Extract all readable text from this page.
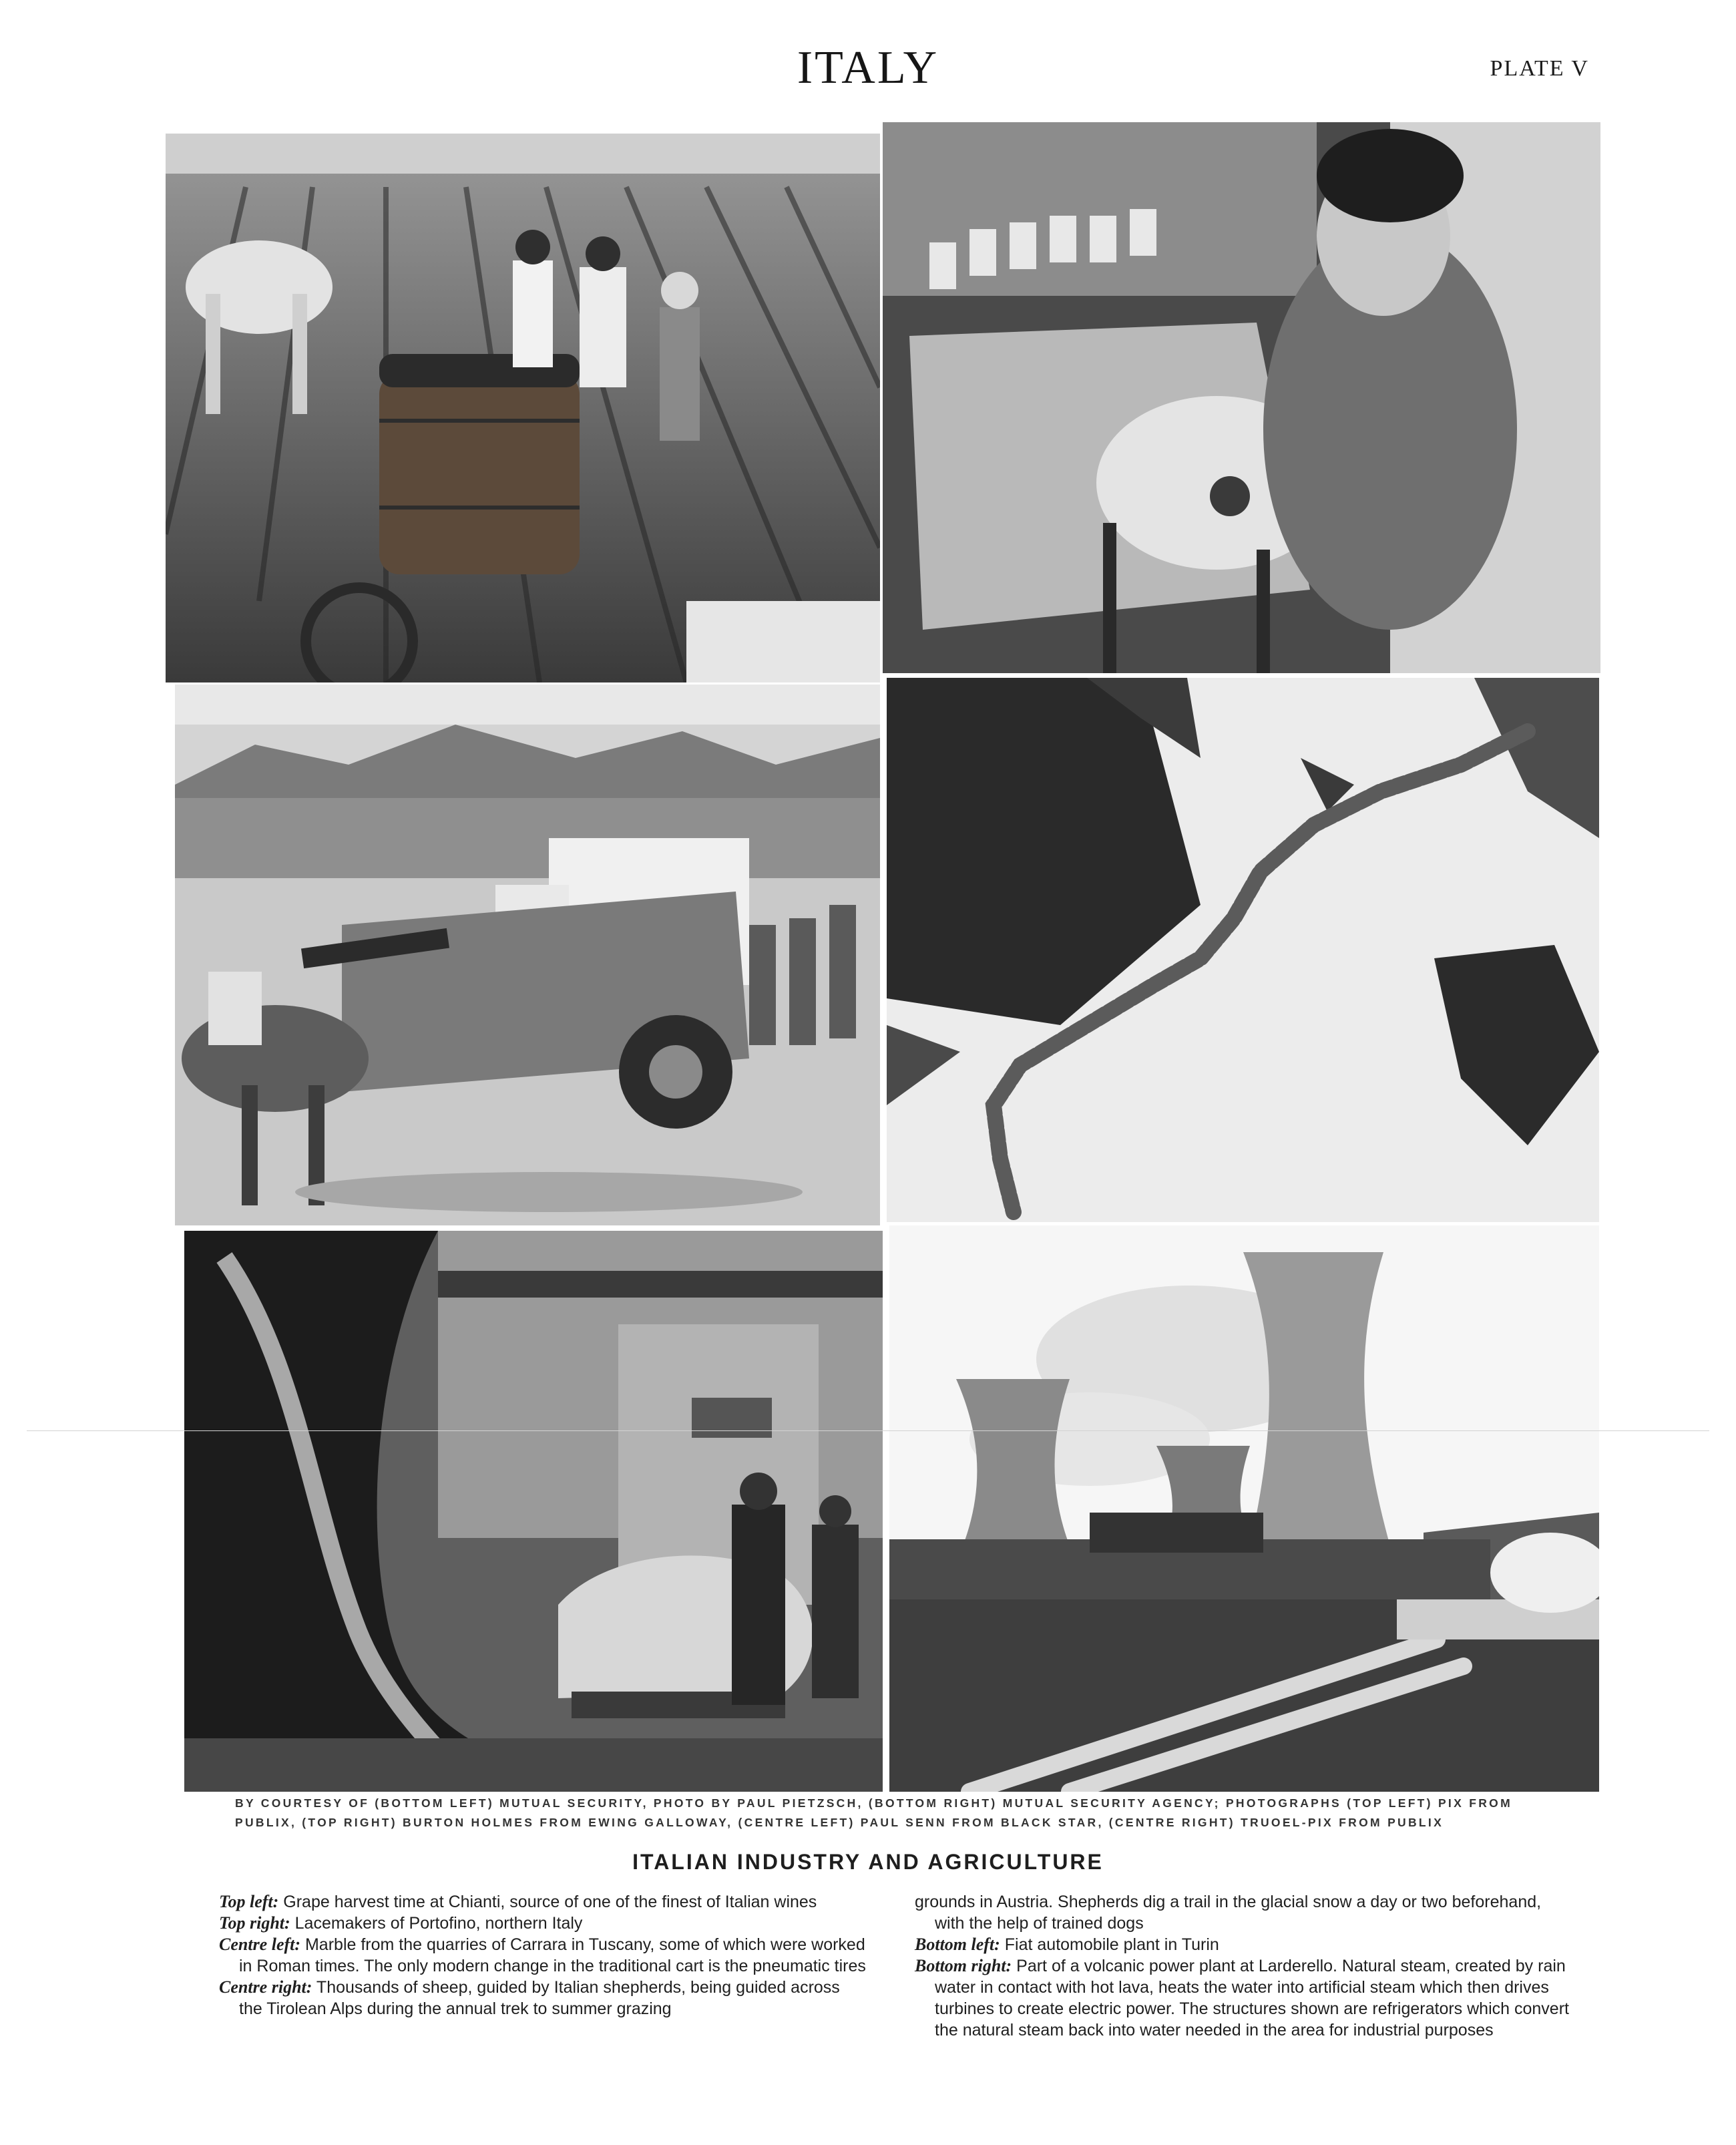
ITALY	PLATE V
BY COURTESY OF (BOTTOM LEFT) MUTUAL SECURITY, PHOTO BY PAUL PIETZSCH, (BOTTOM RIGHT) MUTUAL SECURITY AGENCY; PHOTOGRAPHS (TOP LEFT) PIX FROM PUBLIX, (TOP RIGHT) BURTON HOLMES FROM EWING GALLOWAY, (CENTRE LEFT) PAUL SENN FROM BLACK STAR, (CENTRE RIGHT) TRUOEL-PIX FROM PUBLIX
ITALIAN INDUSTRY AND AGRICULTURE

Top left: Grape harvest time at Chianti, source of one of the finest of Italian wines

Top right: Lacemakers of Portofino, northern Italy

Centre left: Marble from the quarries of Carrara in Tuscany, some of which were worked in Roman times. The only modern change in the traditional cart is the pneumatic tires

Centre right: Thousands of sheep, guided by Italian shepherds, being guided across the Tirolean Alps during the annual trek to summer grazing

grounds in Austria. Shepherds dig a trail in the glacial snow a day or two beforehand, with the help of trained dogs

Bottom left: Fiat automobile plant in Turin

Bottom right: Part of a volcanic power plant at Larderello. Natural steam, created by rain water in contact with hot lava, heats the water into artificial steam which then drives turbines to create electric power. The structures shown are refrigerators which convert the natural steam back into water needed in the area for industrial purposes
